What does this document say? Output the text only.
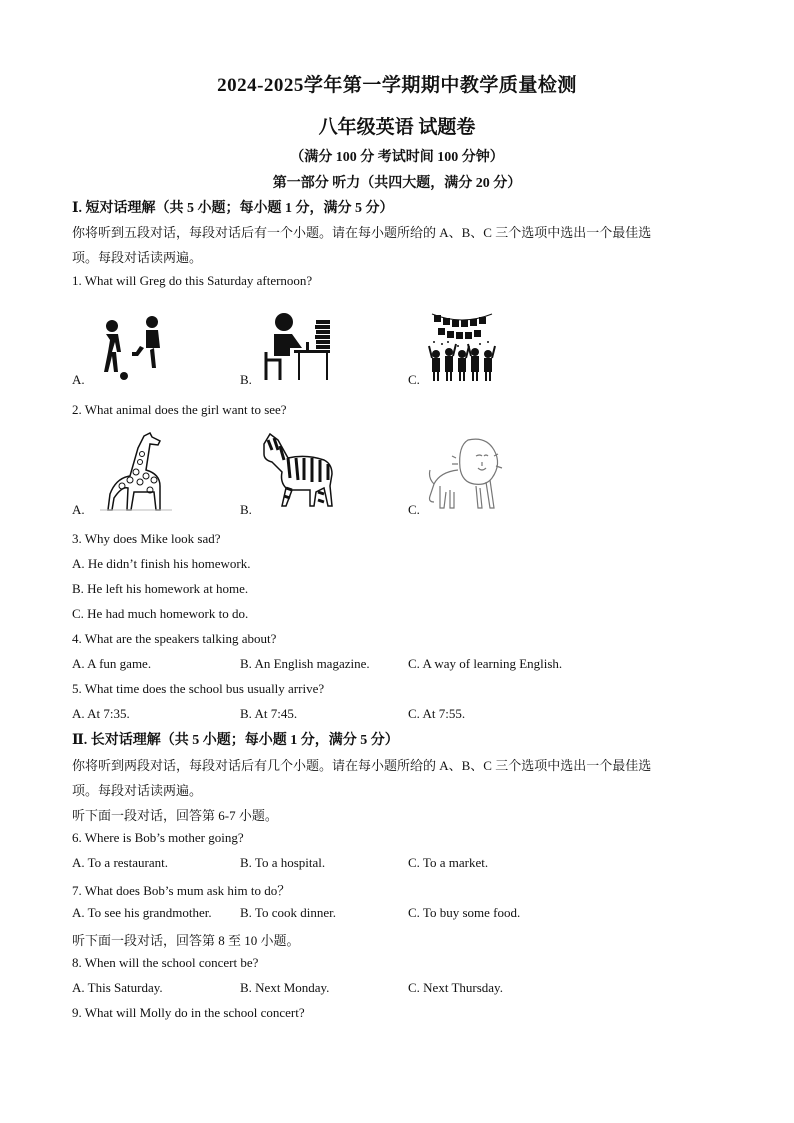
2024-2025学年第一学期期中教学质量检测
八年级英语 试题卷
（满分 100 分 考试时间 100 分钟）
第一部分 听力（共四大题，满分 20 分）
Ⅰ. 短对话理解（共 5 小题；每小题 1 分，满分 5 分）
你将听到五段对话，每段对话后有一个小题。请在每小题所给的 A、B、C 三个选项中选出一个最佳选
项。每段对话读两遍。
1. What will Greg do this Saturday afternoon?
A.	B.	C.
2. What animal does the girl want to see?
A.	B.	C.
3. Why does Mike look sad?
A. He didn’t finish his homework.
B. He left his homework at home.
C. He had much homework to do.
4. What are the speakers talking about?
A. A fun game.	B. An English magazine.	C. A way of learning English.
5. What time does the school bus usually arrive?
A. At 7:35.	B. At 7:45.	C. At 7:55.
Ⅱ. 长对话理解（共 5 小题；每小题 1 分，满分 5 分）
你将听到两段对话，每段对话后有几个小题。请在每小题所给的 A、B、C 三个选项中选出一个最佳选
项。每段对话读两遍。
听下面一段对话，回答第 6-7 小题。
6. Where is Bob’s mother going?
A. To a restaurant.	B. To a hospital.	C. To a market.
7. What does Bob’s mum ask him to do？
A. To see his grandmother. B. To cook dinner.	C. To buy some food.
听下面一段对话，回答第 8 至 10 小题。
8. When will the school concert be?
A. This Saturday.	B. Next Monday.	C. Next Thursday.
9. What will Molly do in the school concert?
